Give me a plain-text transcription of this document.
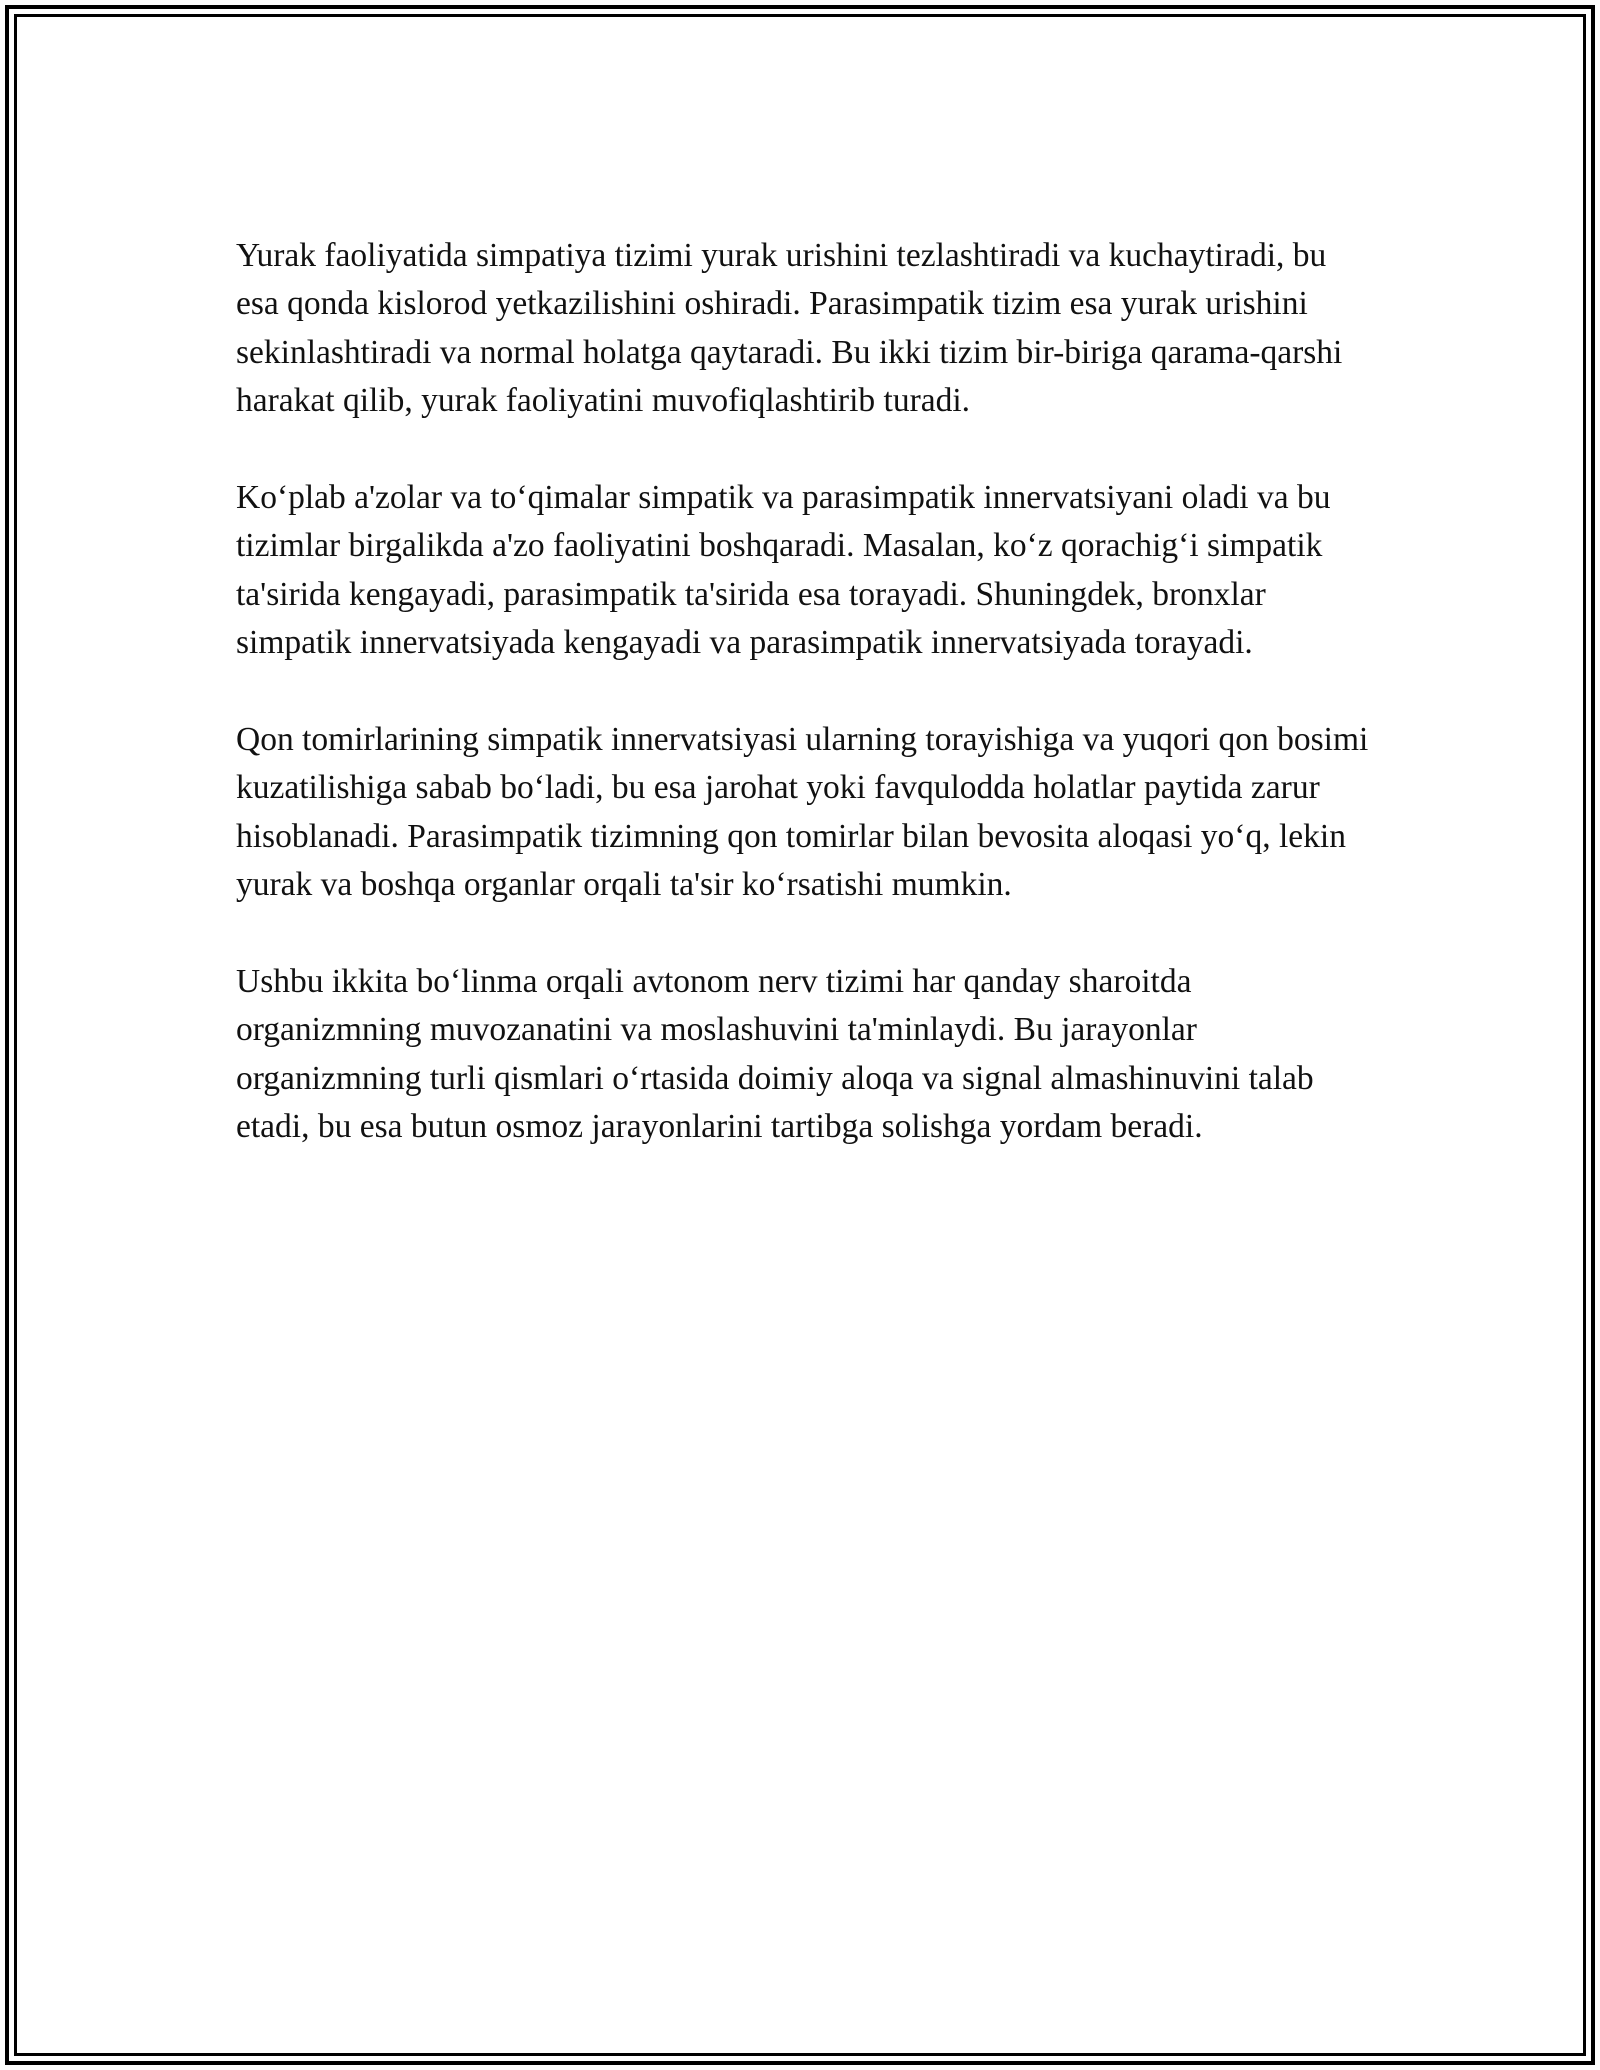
Yurak faoliyatida simpatiya tizimi yurak urishini tezlashtiradi va kuchaytiradi, bu esa qonda kislorod yetkazilishini oshiradi. Parasimpatik tizim esa yurak urishini sekinlashtiradi va normal holatga qaytaradi. Bu ikki tizim bir-biriga qarama-qarshi harakat qilib, yurak faoliyatini muvofiqlashtirib turadi.

Koʻplab a'zolar va toʻqimalar simpatik va parasimpatik innervatsiyani oladi va bu tizimlar birgalikda a'zo faoliyatini boshqaradi. Masalan, koʻz qorachigʻi simpatik ta'sirida kengayadi, parasimpatik ta'sirida esa torayadi. Shuningdek, bronxlar simpatik innervatsiyada kengayadi va parasimpatik innervatsiyada torayadi.

Qon tomirlarining simpatik innervatsiyasi ularning torayishiga va yuqori qon bosimi kuzatilishiga sabab boʻladi, bu esa jarohat yoki favqulodda holatlar paytida zarur hisoblanadi. Parasimpatik tizimning qon tomirlar bilan bevosita aloqasi yoʻq, lekin yurak va boshqa organlar orqali ta'sir koʻrsatishi mumkin.

Ushbu ikkita boʻlinma orqali avtonom nerv tizimi har qanday sharoitda organizmning muvozanatini va moslashuvini ta'minlaydi. Bu jarayonlar organizmning turli qismlari oʻrtasida doimiy aloqa va signal almashinuvini talab etadi, bu esa butun osmoz jarayonlarini tartibga solishga yordam beradi.
